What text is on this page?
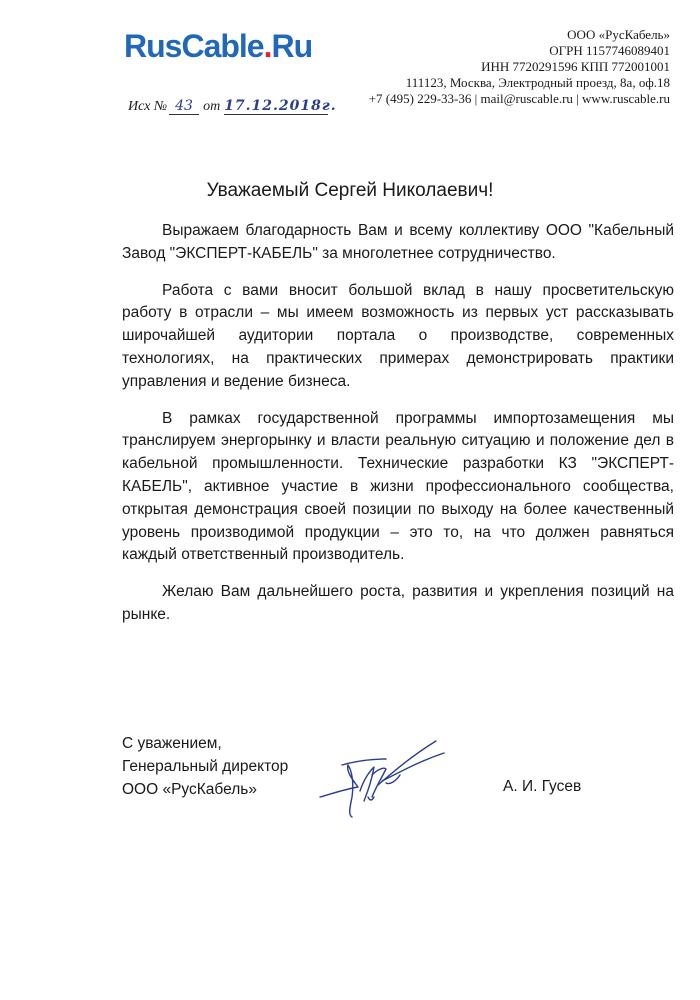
RusCable.Ru	ООО «РусКабель»
ОГРН 1157746089401
ИНН 7720291596 КПП 772001001
111123, Москва, Электродный проезд, 8а, оф.18
+7 (495) 229-33-36 | mail@ruscable.ru | www.ruscable.ru
Исх № 43 от 17.12.2018г.
Уважаемый Сергей Николаевич!

Выражаем благодарность Вам и всему коллективу ООО "Кабельный Завод "ЭКСПЕРТ-КАБЕЛЬ" за многолетнее сотрудничество.

Работа с вами вносит большой вклад в нашу просветительскую работу в отрасли – мы имеем возможность из первых уст рассказывать широчайшей аудитории портала о производстве, современных технологиях, на практических примерах демонстрировать практики управления и ведение бизнеса.

В рамках государственной программы импортозамещения мы транслируем энергорынку и власти реальную ситуацию и положение дел в кабельной промышленности. Технические разработки КЗ "ЭКСПЕРТ-КАБЕЛЬ", активное участие в жизни профессионального сообщества, открытая демонстрация своей позиции по выходу на более качественный уровень производимой продукции – это то, на что должен равняться каждый ответственный производитель.

Желаю Вам дальнейшего роста, развития и укрепления позиций на рынке.

С уважением,
Генеральный директор
ООО «РусКабель»	А. И. Гусев
